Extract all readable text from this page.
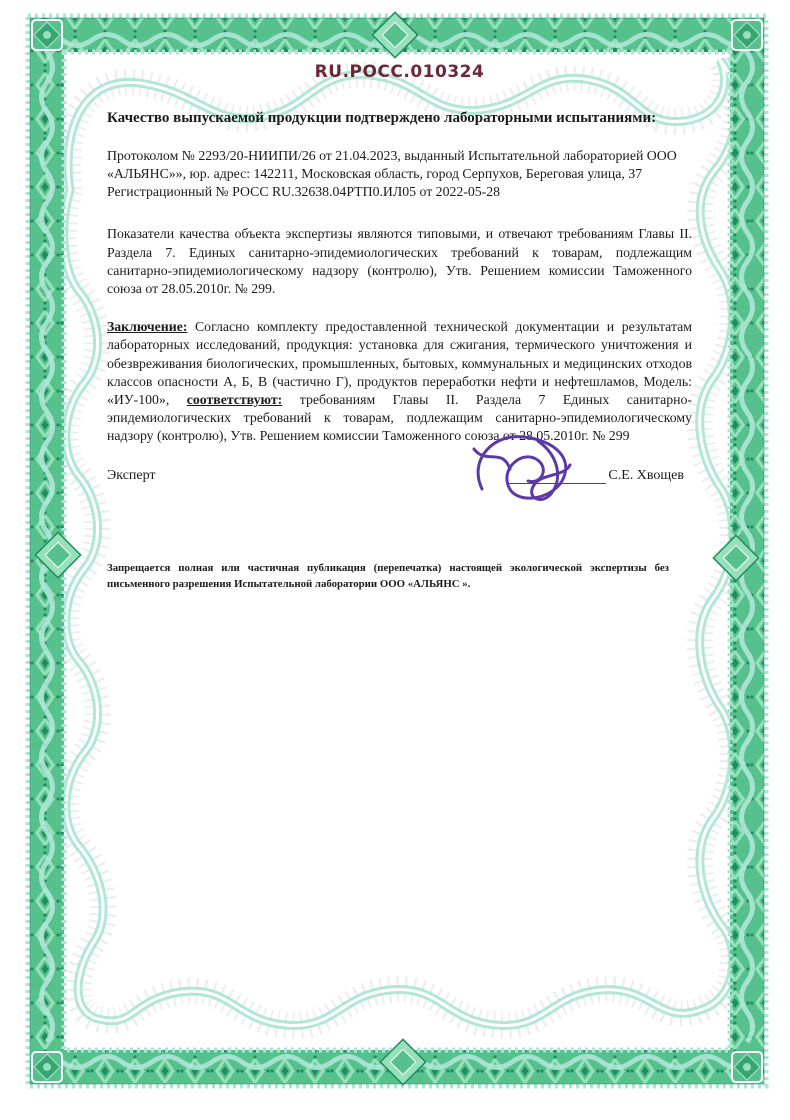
RU.РОСС.010324
Качество выпускаемой продукции подтверждено лабораторными испытаниями:

Протоколом № 2293/20-НИИПИ/26 от 21.04.2023, выданный Испытательной лабораторией ООО «АЛЬЯНС»», юр. адрес: 142211, Московская область, город Серпухов, Береговая улица, 37

Регистрационный № РОСС RU.32638.04РТП0.ИЛ05 от 2022-05-28

Показатели качества объекта экспертизы являются типовыми, и отвечают требованиям Главы II. Раздела 7. Единых санитарно-эпидемиологических требований к товарам, подлежащим санитарно-эпидемиологическому надзору (контролю), Утв. Решением комиссии Таможенного союза от 28.05.2010г. № 299.

Заключение: Согласно комплекту предоставленной технической документации и результатам лабораторных исследований, продукция: установка для сжигания, термического уничтожения и обезвреживания биологических, промышленных, бытовых, коммунальных и медицинских отходов классов опасности А, Б, В (частично Г), продуктов переработки нефти и нефтешламов, Модель: «ИУ-100», соответствуют: требованиям Главы II. Раздела 7 Единых санитарно-эпидемиологических требований к товарам, подлежащим санитарно-эпидемиологическому надзору (контролю), Утв. Решением комиссии Таможенного союза от 28.05.2010г. № 299

Эксперт	С.Е. Хвощев

Запрещается полная или частичная публикация (перепечатка) настоящей экологической экспертизы без письменного разрешения Испытательной лаборатории ООО «АЛЬЯНС ».
